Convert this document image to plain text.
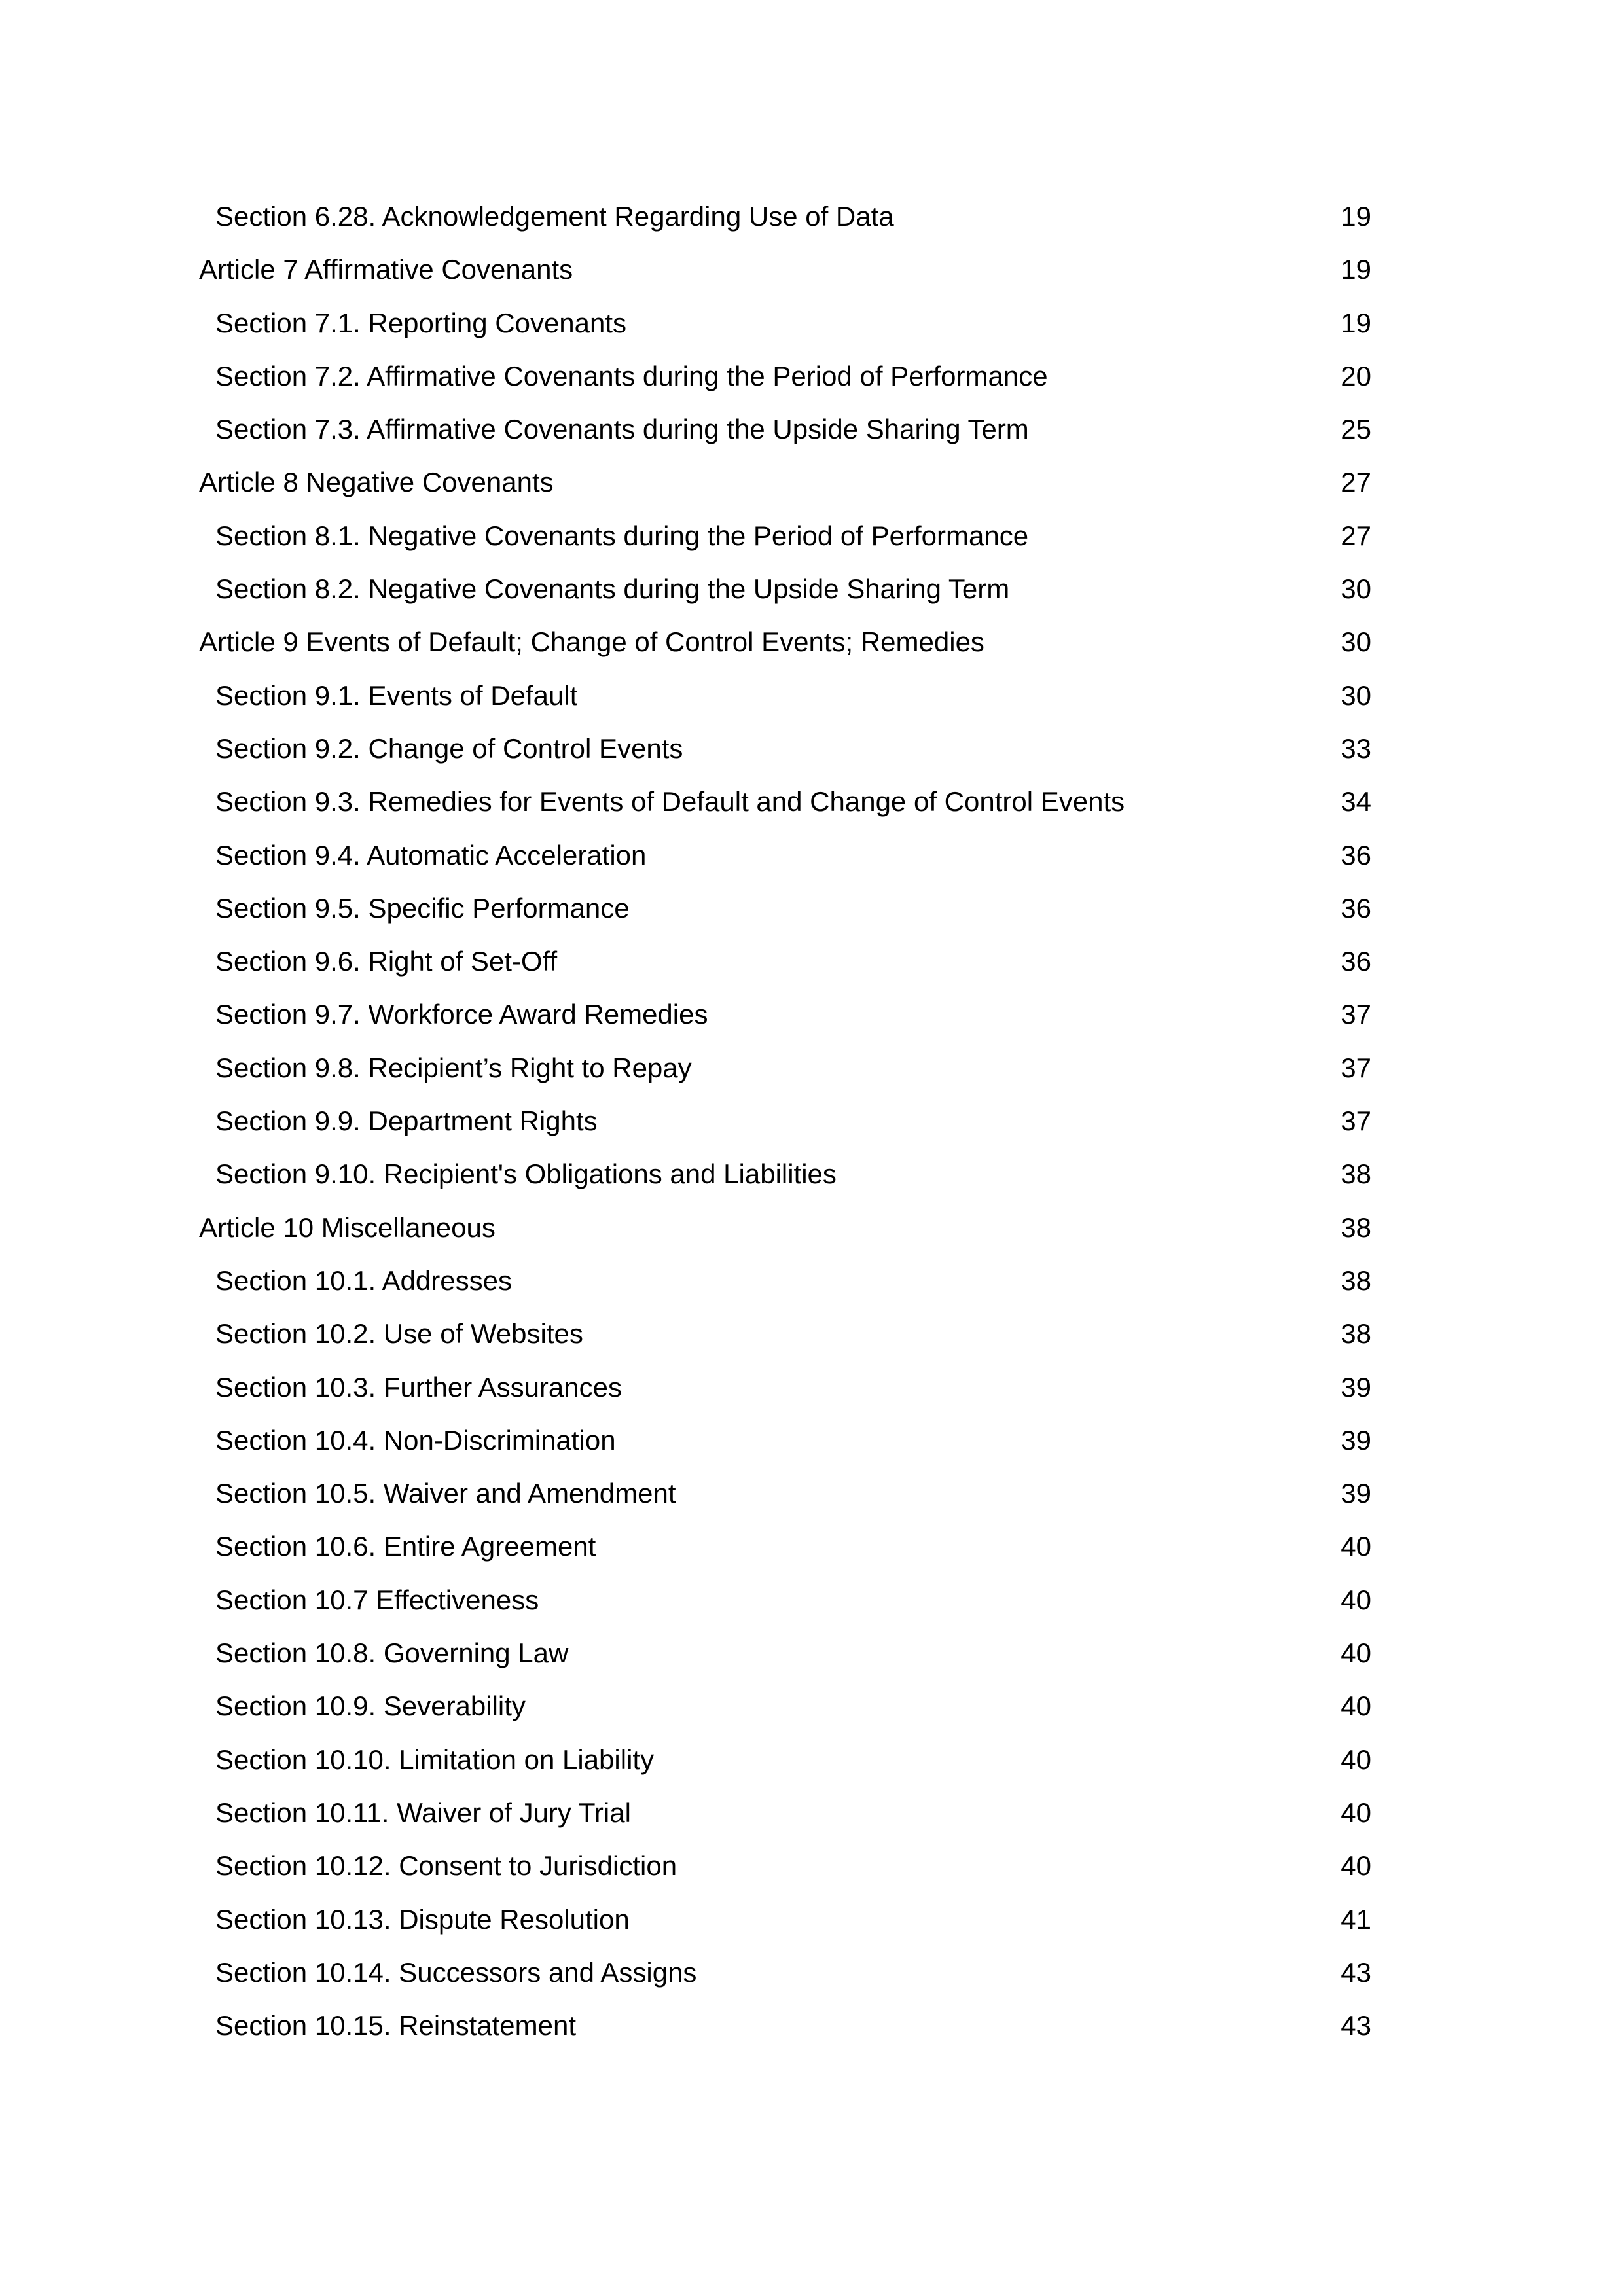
Section 6.28. Acknowledgement Regarding Use of Data	19
Article 7 Affirmative Covenants	19
Section 7.1. Reporting Covenants	19
Section 7.2. Affirmative Covenants during the Period of Performance	20
Section 7.3. Affirmative Covenants during the Upside Sharing Term	25
Article 8 Negative Covenants	27
Section 8.1. Negative Covenants during the Period of Performance	27
Section 8.2. Negative Covenants during the Upside Sharing Term	30
Article 9 Events of Default; Change of Control Events; Remedies	30
Section 9.1. Events of Default	30
Section 9.2. Change of Control Events	33
Section 9.3. Remedies for Events of Default and Change of Control Events	34
Section 9.4. Automatic Acceleration	36
Section 9.5. Specific Performance	36
Section 9.6. Right of Set-Off	36
Section 9.7. Workforce Award Remedies	37
Section 9.8. Recipient’s Right to Repay	37
Section 9.9. Department Rights	37
Section 9.10. Recipient's Obligations and Liabilities	38
Article 10 Miscellaneous	38
Section 10.1. Addresses	38
Section 10.2. Use of Websites	38
Section 10.3. Further Assurances	39
Section 10.4. Non-Discrimination	39
Section 10.5. Waiver and Amendment	39
Section 10.6. Entire Agreement	40
Section 10.7 Effectiveness	40
Section 10.8. Governing Law	40
Section 10.9. Severability	40
Section 10.10. Limitation on Liability	40
Section 10.11. Waiver of Jury Trial	40
Section 10.12. Consent to Jurisdiction	40
Section 10.13. Dispute Resolution	41
Section 10.14. Successors and Assigns	43
Section 10.15. Reinstatement	43
